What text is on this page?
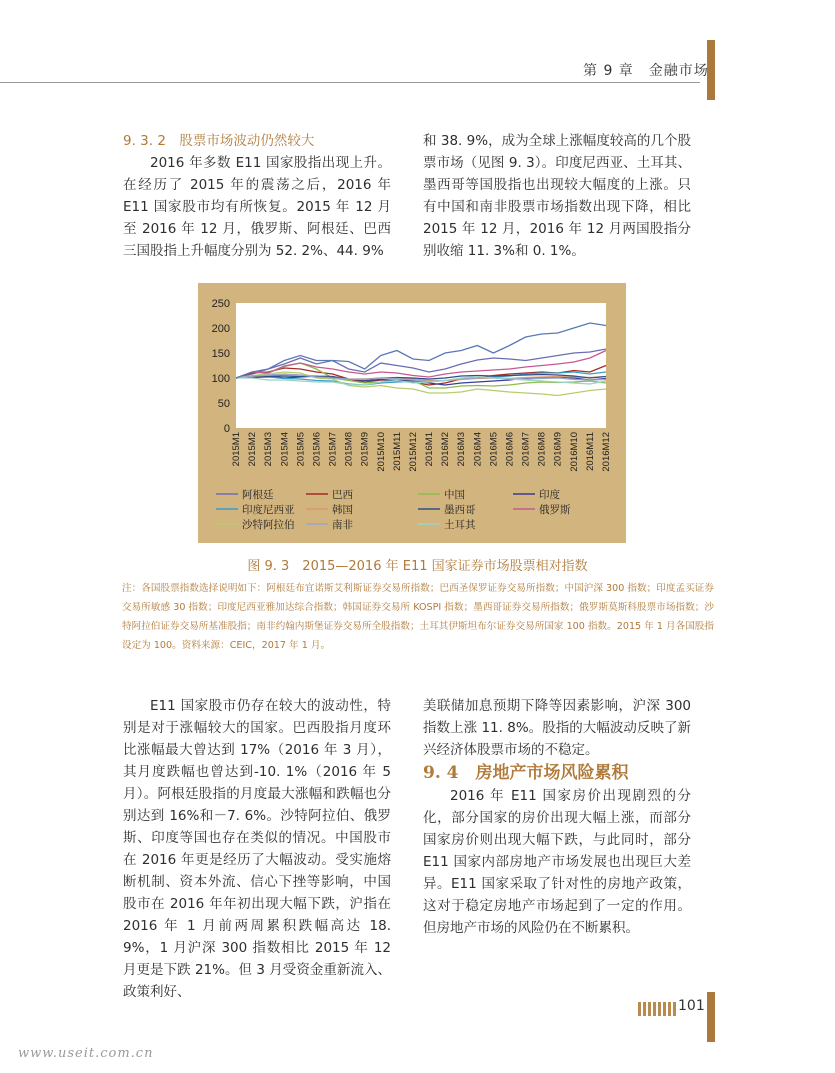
第 9 章　金融市场

9. 3. 2　股票市场波动仍然较大

2016 年多数 E11 国家股指出现上升。在经历了 2015 年的震荡之后，2016 年 E11 国家股市均有所恢复。2015 年 12 月至 2016 年 12 月，俄罗斯、阿根廷、巴西三国股指上升幅度分别为 52. 2%、44. 9%

和 38. 9%，成为全球上涨幅度较高的几个股票市场（见图 9. 3）。印度尼西亚、土耳其、墨西哥等国股指也出现较大幅度的上涨。只有中国和南非股票市场指数出现下降，相比 2015 年 12 月，2016 年 12 月两国股指分别收缩 11. 3%和 0. 1%。

0
50
100
150
200
250
2015M1 2015M2 2015M3 2015M4 2015M5 2015M6 2015M7 2015M8 2015M9 2015M10 2015M11 2015M12 2016M1 2016M2 2016M3 2016M4 2016M5 2016M6 2016M7 2016M8 2016M9 2016M10 2016M11 2016M12
阿根廷	巴西	中国	印度
印度尼西亚	韩国	墨西哥	俄罗斯
沙特阿拉伯	南非	土耳其
图 9. 3　2015—2016 年 E11 国家证券市场股票相对指数
注：各国股票指数选择说明如下：阿根廷布宜诺斯艾利斯证券交易所指数；巴西圣保罗证券交易所指数；中国沪深 300 指数；印度孟买证券交易所敏感 30 指数；印度尼西亚雅加达综合指数；韩国证券交易所 KOSPI 指数；墨西哥证券交易所指数；俄罗斯莫斯科股票市场指数；沙特阿拉伯证券交易所基准股指；南非约翰内斯堡证券交易所全股指数；土耳其伊斯坦布尔证券交易所国家 100 指数。2015 年 1 月各国股指设定为 100。资料来源：CEIC，2017 年 1 月。

E11 国家股市仍存在较大的波动性，特别是对于涨幅较大的国家。巴西股指月度环比涨幅最大曾达到 17%（2016 年 3 月），其月度跌幅也曾达到-10. 1%（2016 年 5 月）。阿根廷股指的月度最大涨幅和跌幅也分别达到 16%和－7. 6%。沙特阿拉伯、俄罗斯、印度等国也存在类似的情况。中国股市在 2016 年更是经历了大幅波动。受实施熔断机制、资本外流、信心下挫等影响，中国股市在 2016 年年初出现大幅下跌，沪指在 2016 年 1 月前两周累积跌幅高达 18. 9%，1 月沪深 300 指数相比 2015 年 12 月更是下跌 21%。但 3 月受资金重新流入、政策利好、

美联储加息预期下降等因素影响，沪深 300 指数上涨 11. 8%。股指的大幅波动反映了新兴经济体股票市场的不稳定。

9. 4　房地产市场风险累积

2016 年 E11 国家房价出现剧烈的分化，部分国家的房价出现大幅上涨，而部分国家房价则出现大幅下跌，与此同时，部分 E11 国家内部房地产市场发展也出现巨大差异。E11 国家采取了针对性的房地产政策，这对于稳定房地产市场起到了一定的作用。但房地产市场的风险仍在不断累积。

101
www.useit.com.cn
